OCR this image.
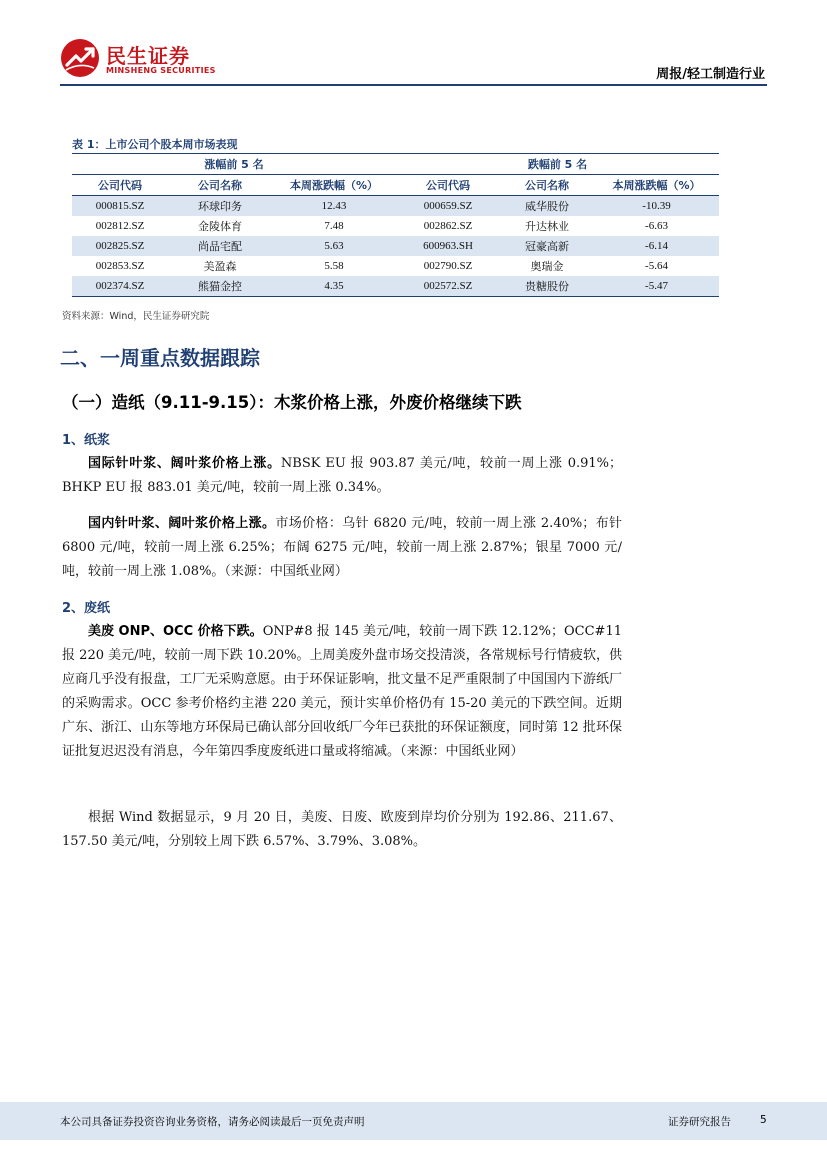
民生证券
MINSHENG SECURITIES	周报/轻工制造行业
表 1：上市公司个股本周市场表现
涨幅前 5 名			跌幅前 5 名		
公司代码	公司名称	本周涨跌幅（%）	公司代码	公司名称	本周涨跌幅（%）
000815.SZ	环球印务	12.43	000659.SZ	威华股份	-10.39
002812.SZ	金陵体育	7.48	002862.SZ	升达林业	-6.63
002825.SZ	尚品宅配	5.63	600963.SH	冠豪高新	-6.14
002853.SZ	美盈森	5.58	002790.SZ	奥瑞金	-5.64
002374.SZ	熊猫金控	4.35	002572.SZ	贵糖股份	-5.47
资料来源：Wind，民生证券研究院
二、一周重点数据跟踪
（一）造纸（9.11-9.15）：木浆价格上涨，外废价格继续下跌
1、纸浆
国际针叶浆、阔叶浆价格上涨。NBSK EU 报 903.87 美元/吨，较前一周上涨 0.91%；BHKP EU 报 883.01 美元/吨，较前一周上涨 0.34%。
国内针叶浆、阔叶浆价格上涨。市场价格：乌针 6820 元/吨，较前一周上涨 2.40%；布针 6800 元/吨，较前一周上涨 6.25%；布阔 6275 元/吨，较前一周上涨 2.87%；银星 7000 元/吨，较前一周上涨 1.08%。（来源：中国纸业网）
2、废纸
美废 ONP、OCC 价格下跌。ONP#8 报 145 美元/吨，较前一周下跌 12.12%；OCC#11 报 220 美元/吨，较前一周下跌 10.20%。上周美废外盘市场交投清淡，各常规标号行情疲软，供应商几乎没有报盘，工厂无采购意愿。由于环保证影响，批文量不足严重限制了中国国内下游纸厂的采购需求。OCC 参考价格约主港 220 美元，预计实单价格仍有 15-20 美元的下跌空间。近期广东、浙江、山东等地方环保局已确认部分回收纸厂今年已获批的环保证额度，同时第 12 批环保证批复迟迟没有消息，今年第四季度废纸进口量或将缩减。（来源：中国纸业网）
根据 Wind 数据显示，9 月 20 日，美废、日废、欧废到岸均价分别为 192.86、211.67、157.50 美元/吨，分别较上周下跌 6.57%、3.79%、3.08%。
本公司具备证券投资咨询业务资格，请务必阅读最后一页免责声明	证券研究报告	5
